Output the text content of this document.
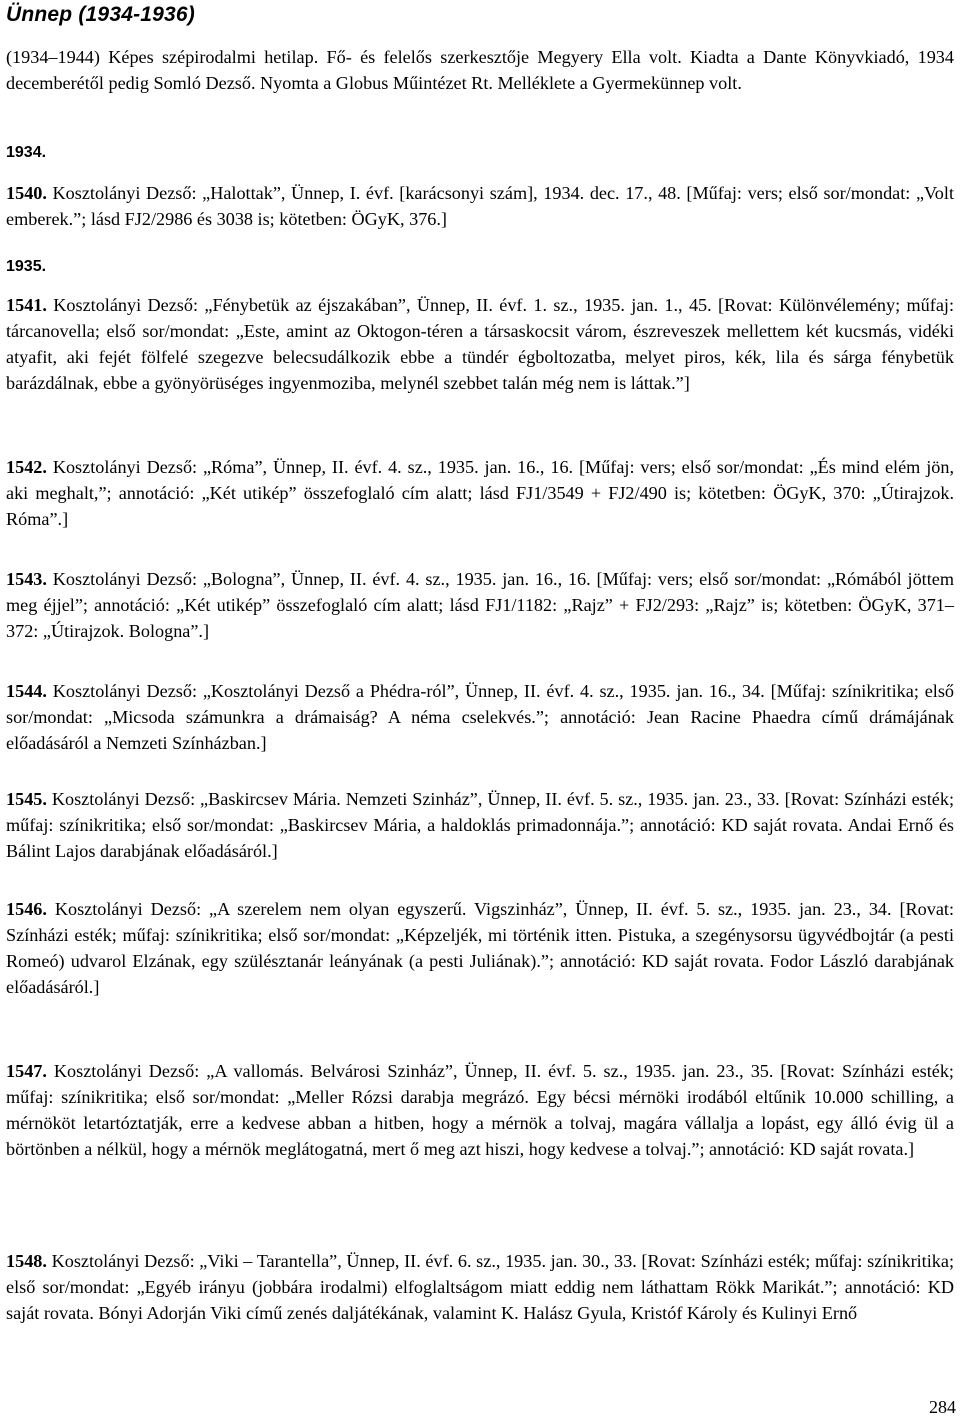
Ünnep (1934-1936)
(1934–1944) Képes szépirodalmi hetilap. Fő- és felelős szerkesztője Megyery Ella volt. Kiadta a Dante Könyvkiadó, 1934 decemberétől pedig Somló Dezső. Nyomta a Globus Műintézet Rt. Melléklete a Gyermekünnep volt.
1934.
1540. Kosztolányi Dezső: „Halottak”, Ünnep, I. évf. [karácsonyi szám], 1934. dec. 17., 48. [Műfaj: vers; első sor/mondat: „Volt emberek.”; lásd FJ2/2986 és 3038 is; kötetben: ÖGyK, 376.]
1935.
1541. Kosztolányi Dezső: „Fénybetük az éjszakában”, Ünnep, II. évf. 1. sz., 1935. jan. 1., 45. [Rovat: Különvélemény; műfaj: tárcanovella; első sor/mondat: „Este, amint az Oktogon-téren a társaskocsit várom, észreveszek mellettem két kucsmás, vidéki atyafit, aki fejét fölfelé szegezve belecsudálkozik ebbe a tündér égboltozatba, melyet piros, kék, lila és sárga fénybetük barázdálnak, ebbe a gyönyörüséges ingyenmoziba, melynél szebbet talán még nem is láttak.”]
1542. Kosztolányi Dezső: „Róma”, Ünnep, II. évf. 4. sz., 1935. jan. 16., 16. [Műfaj: vers; első sor/mondat: „És mind elém jön, aki meghalt,”; annotáció: „Két utikép” összefoglaló cím alatt; lásd FJ1/3549 + FJ2/490 is; kötetben: ÖGyK, 370: „Útirajzok. Róma”.]
1543. Kosztolányi Dezső: „Bologna”, Ünnep, II. évf. 4. sz., 1935. jan. 16., 16. [Műfaj: vers; első sor/mondat: „Rómából jöttem meg éjjel”; annotáció: „Két utikép” összefoglaló cím alatt; lásd FJ1/1182: „Rajz” + FJ2/293: „Rajz” is; kötetben: ÖGyK, 371–372: „Útirajzok. Bologna”.]
1544. Kosztolányi Dezső: „Kosztolányi Dezső a Phédra-ról”, Ünnep, II. évf. 4. sz., 1935. jan. 16., 34. [Műfaj: színikritika; első sor/mondat: „Micsoda számunkra a drámaiság? A néma cselekvés.”; annotáció: Jean Racine Phaedra című drámájának előadásáról a Nemzeti Színházban.]
1545. Kosztolányi Dezső: „Baskircsev Mária. Nemzeti Szinház”, Ünnep, II. évf. 5. sz., 1935. jan. 23., 33. [Rovat: Színházi esték; műfaj: színikritika; első sor/mondat: „Baskircsev Mária, a haldoklás primadonnája.”; annotáció: KD saját rovata. Andai Ernő és Bálint Lajos darabjának előadásáról.]
1546. Kosztolányi Dezső: „A szerelem nem olyan egyszerű. Vigszinház”, Ünnep, II. évf. 5. sz., 1935. jan. 23., 34. [Rovat: Színházi esték; műfaj: színikritika; első sor/mondat: „Képzeljék, mi történik itten. Pistuka, a szegénysorsu ügyvédbojtár (a pesti Romeó) udvarol Elzának, egy szülésztanár leányának (a pesti Juliának).”; annotáció: KD saját rovata. Fodor László darabjának előadásáról.]
1547. Kosztolányi Dezső: „A vallomás. Belvárosi Szinház”, Ünnep, II. évf. 5. sz., 1935. jan. 23., 35. [Rovat: Színházi esték; műfaj: színikritika; első sor/mondat: „Meller Rózsi darabja megrázó. Egy bécsi mérnöki irodából eltűnik 10.000 schilling, a mérnököt letartóztatják, erre a kedvese abban a hitben, hogy a mérnök a tolvaj, magára vállalja a lopást, egy álló évig ül a börtönben a nélkül, hogy a mérnök meglátogatná, mert ő meg azt hiszi, hogy kedvese a tolvaj.”; annotáció: KD saját rovata.]
1548. Kosztolányi Dezső: „Viki – Tarantella”, Ünnep, II. évf. 6. sz., 1935. jan. 30., 33. [Rovat: Színházi esték; műfaj: színikritika; első sor/mondat: „Egyéb irányu (jobbára irodalmi) elfoglaltságom miatt eddig nem láthattam Rökk Marikát.”; annotáció: KD saját rovata. Bónyi Adorján Viki című zenés daljátékának, valamint K. Halász Gyula, Kristóf Károly és Kulinyi Ernő
284
